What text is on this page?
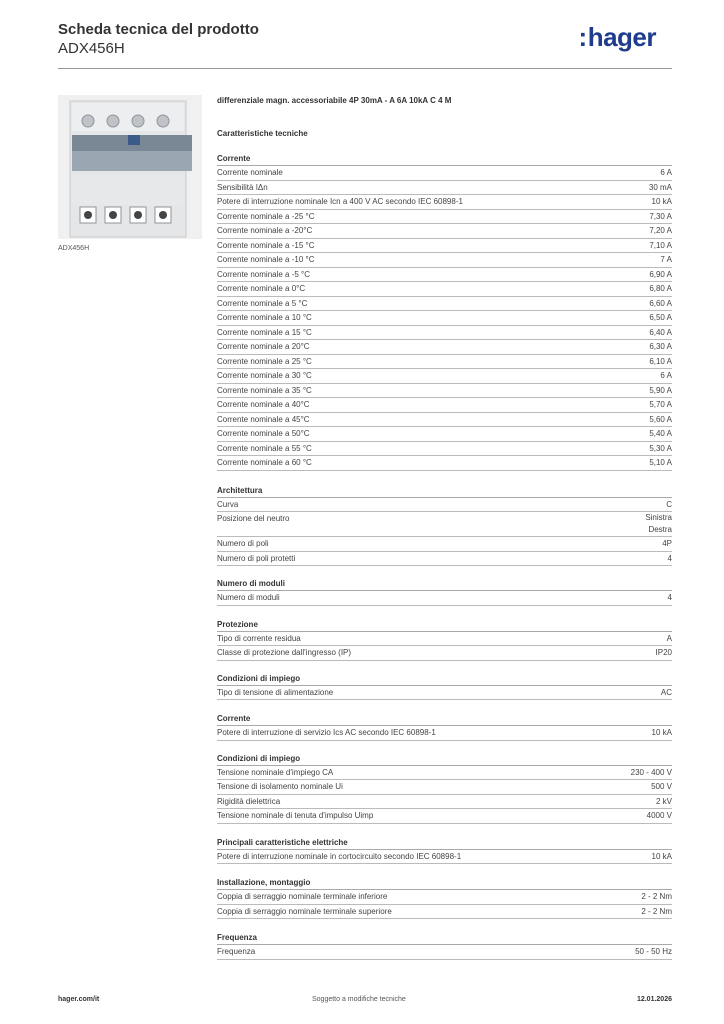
Scheda tecnica del prodotto
ADX456H	:hager
ADX456H
differenziale magn. accessoriabile 4P 30mA - A 6A 10kA C 4 M
Caratteristiche tecniche
Corrente
Corrente nominale	6 A
Sensibilità IΔn	30 mA
Potere di interruzione nominale Icn a 400 V AC secondo IEC 60898-1	10 kA
Corrente nominale a -25 °C	7,30 A
Corrente nominale a -20°C	7,20 A
Corrente nominale a -15 °C	7,10 A
Corrente nominale a -10 °C	7 A
Corrente nominale a -5 °C	6,90 A
Corrente nominale a 0°C	6,80 A
Corrente nominale a 5 °C	6,60 A
Corrente nominale a 10 °C	6,50 A
Corrente nominale a 15 °C	6,40 A
Corrente nominale a 20°C	6,30 A
Corrente nominale a 25 °C	6,10 A
Corrente nominale a 30 °C	6 A
Corrente nominale a 35 °C	5,90 A
Corrente nominale a 40°C	5,70 A
Corrente nominale a 45°C	5,60 A
Corrente nominale a 50°C	5,40 A
Corrente nominale a 55 °C	5,30 A
Corrente nominale a 60 °C	5,10 A
Architettura
Curva	C
Posizione del neutro	Sinistra
Destra
Numero di poli	4P
Numero di poli protetti	4
Numero di moduli
Numero di moduli	4
Protezione
Tipo di corrente residua	A
Classe di protezione dall'ingresso (IP)	IP20
Condizioni di impiego
Tipo di tensione di alimentazione	AC
Corrente
Potere di interruzione di servizio Ics AC secondo IEC 60898-1	10 kA
Condizioni di impiego
Tensione nominale d'impiego CA	230 - 400 V
Tensione di isolamento nominale Ui	500 V
Rigidità dielettrica	2 kV
Tensione nominale di tenuta d'impulso Uimp	4000 V
Principali caratteristiche elettriche
Potere di interruzione nominale in cortocircuito secondo IEC 60898-1	10 kA
Installazione, montaggio
Coppia di serraggio nominale terminale inferiore	2 - 2 Nm
Coppia di serraggio nominale terminale superiore	2 - 2 Nm
Frequenza
Frequenza	50 - 50 Hz
hager.com/it	Soggetto a modifiche tecniche	12.01.2026
